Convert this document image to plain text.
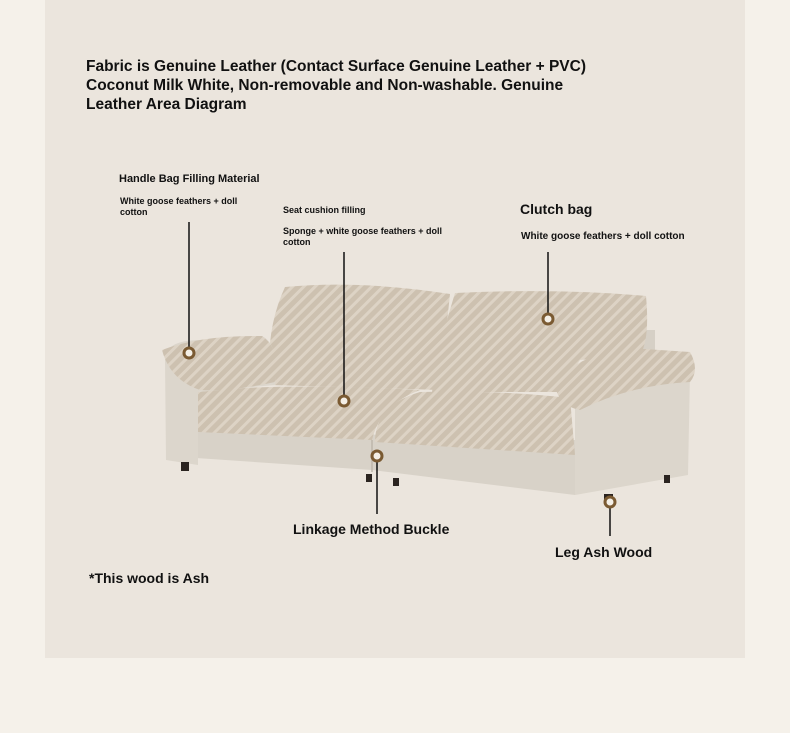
Fabric is Genuine Leather (Contact Surface Genuine Leather + PVC)
Coconut Milk White, Non-removable and Non-washable. Genuine
Leather Area Diagram
Handle Bag Filling Material
White goose feathers + doll cotton	Seat cushion filling
Sponge + white goose feathers + doll cotton
Clutch bag
White goose feathers + doll cotton
Linkage Method Buckle
Leg Ash Wood
*This wood is Ash
